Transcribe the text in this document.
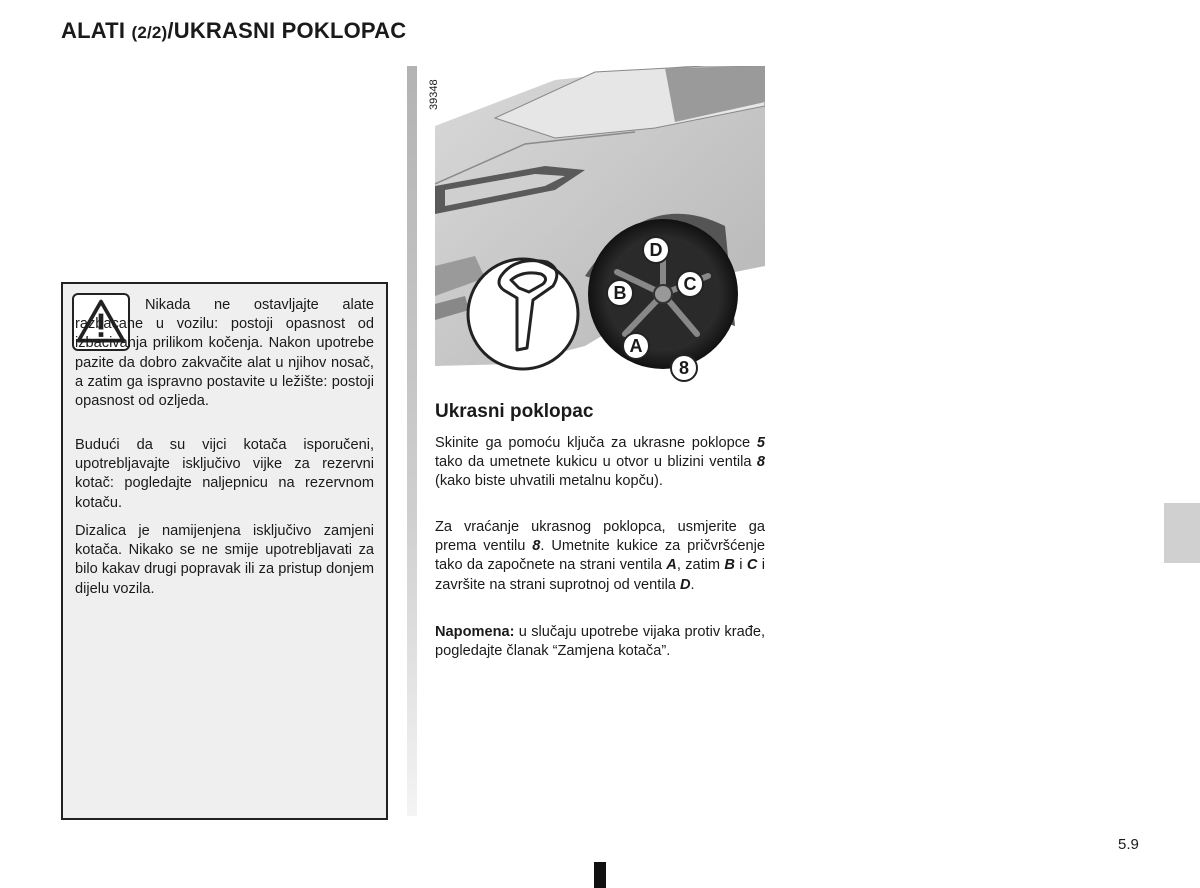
ALATI (2/2)/UKRASNI POKLOPAC

Nikada ne ostavljajte alate razbacane u vozilu: postoji opasnost od izbacivanja prilikom kočenja. Nakon upotrebe pazite da dobro zakvačite alat u njihov nosač, a zatim ga ispravno postavite u ležište: postoji opasnost od ozljeda.

Budući da su vijci kotača isporučeni, upotrebljavajte isključivo vijke za rezervni kotač: pogledajte naljepnicu na rezervnom kotaču.

Dizalica je namijenjena isključivo zamjeni kotača. Nikako se ne smije upotrebljavati za bilo kakav drugi popravak ili za pristup donjem dijelu vozila.

39348
D
C
B
A
8
Ukrasni poklopac

Skinite ga pomoću ključa za ukrasne poklopce 5 tako da umetnete kukicu u otvor u blizini ventila 8 (kako biste uhvatili metalnu kopču).

Za vraćanje ukrasnog poklopca, usmjerite ga prema ventilu 8. Umetnite kukice za pričvršćenje tako da započnete na strani ventila A, zatim B i C i završite na strani suprotnoj od ventila D.

Napomena: u slučaju upotrebe vijaka protiv krađe, pogledajte članak “Zamjena kotača”.

5.9
